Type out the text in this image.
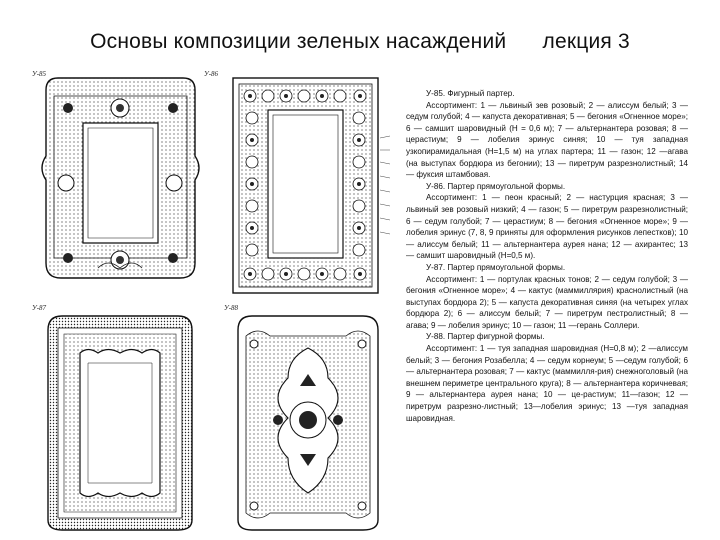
Основы композиции зеленых насаждений      лекция 3
У-85	У-86
У-87	У-88

У-85. Фигурный партер.

Ассортимент: 1 — львиный зев розовый; 2 — алиссум белый; 3 — седум голубой; 4 — капуста декоративная; 5 — бегония «Огненное море»; 6 — самшит шаровидный (Н = 0,6 м); 7 — альтернантера розовая; 8 — церастиум; 9 — лобелия эринус синяя; 10 — туя западная узкопирамидальная (Н=1,5 м) на углах партера; 11 — газон; 12 —агава (на выступах бордюра из бегонии); 13 — пиретрум разрезнолистный; 14 — фуксия штамбовая.

У-86. Партер прямоугольной формы.

Ассортимент: 1 — пеон красный; 2 — настурция красная; 3 — львиный зев розовый низкий; 4 — газон; 5 — пиретрум разрезнолистный; 6 — седум голубой; 7 — церастиум; 8 — бегония «Огненное море»; 9 — лобелия эринус (7, 8, 9 приняты для оформления рисунков лепестков); 10 — алиссум белый; 11 — альтернантера аурея нана; 12 — ахирантес; 13 — самшит шаровидный (Н=0,5 м).

У-87. Партер прямоугольной формы.

Ассортимент: 1 — портулак красных тонов; 2 — седум голубой; 3 — бегония «Огненное море»; 4 — кактус (маммиллярия) краснолистный (на выступах бордюра 2); 5 — капуста декоративная синяя (на четырех углах бордюра 2); 6 — алиссум белый; 7 — пиретрум пестролистный; 8 — агава; 9 — лобелия эринус; 10 — газон; 11 —герань Соллери.

У-88. Партер фигурной формы.

Ассортимент: 1 — туя западная шаровидная (Н=0,8 м); 2 —алиссум белый; 3 — бегония Розабелла; 4 — седум корнеум; 5 —седум голубой; 6 — альтернантера розовая; 7 — кактус (маммилля-рия) снежноголовый (на внешнем периметре центрального круга); 8 — альтернантера коричневая; 9 — альтернантера аурея нана; 10 — це-растиум; 11—газон; 12 — пиретрум разрезно-листный; 13—лобелия эринус; 13 —туя западная шаровидная.
